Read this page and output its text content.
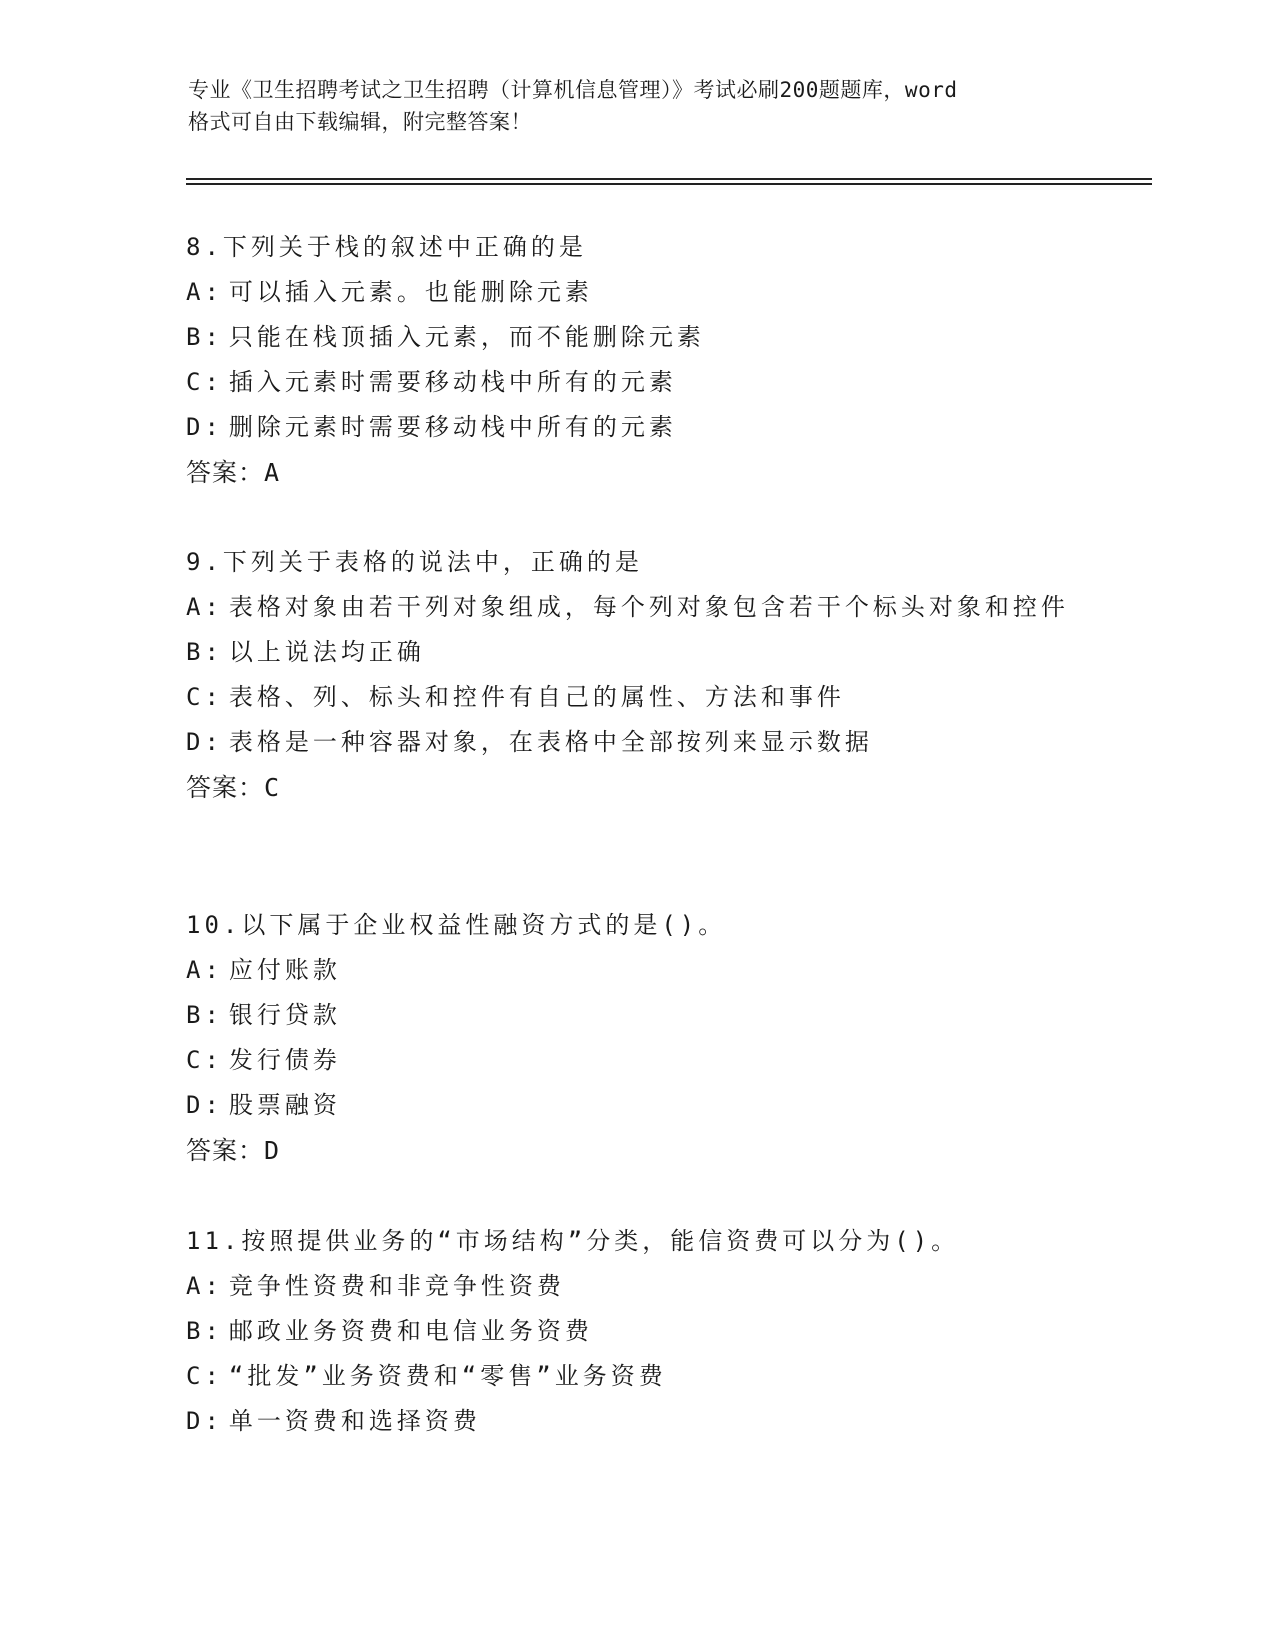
专业《卫生招聘考试之卫生招聘（计算机信息管理）》考试必刷200题题库，word
格式可自由下载编辑，附完整答案！
8.下列关于栈的叙述中正确的是
A: 可以插入元素。也能删除元素
B: 只能在栈顶插入元素，而不能删除元素
C: 插入元素时需要移动栈中所有的元素
D: 删除元素时需要移动栈中所有的元素
答案：A
9.下列关于表格的说法中，正确的是
A: 表格对象由若干列对象组成，每个列对象包含若干个标头对象和控件
B: 以上说法均正确
C: 表格、列、标头和控件有自己的属性、方法和事件
D: 表格是一种容器对象，在表格中全部按列来显示数据
答案：C
10.以下属于企业权益性融资方式的是()。
A: 应付账款
B: 银行贷款
C: 发行债券
D: 股票融资
答案：D
11.按照提供业务的“市场结构”分类，能信资费可以分为()。
A: 竞争性资费和非竞争性资费
B: 邮政业务资费和电信业务资费
C: “批发”业务资费和“零售”业务资费
D: 单一资费和选择资费
